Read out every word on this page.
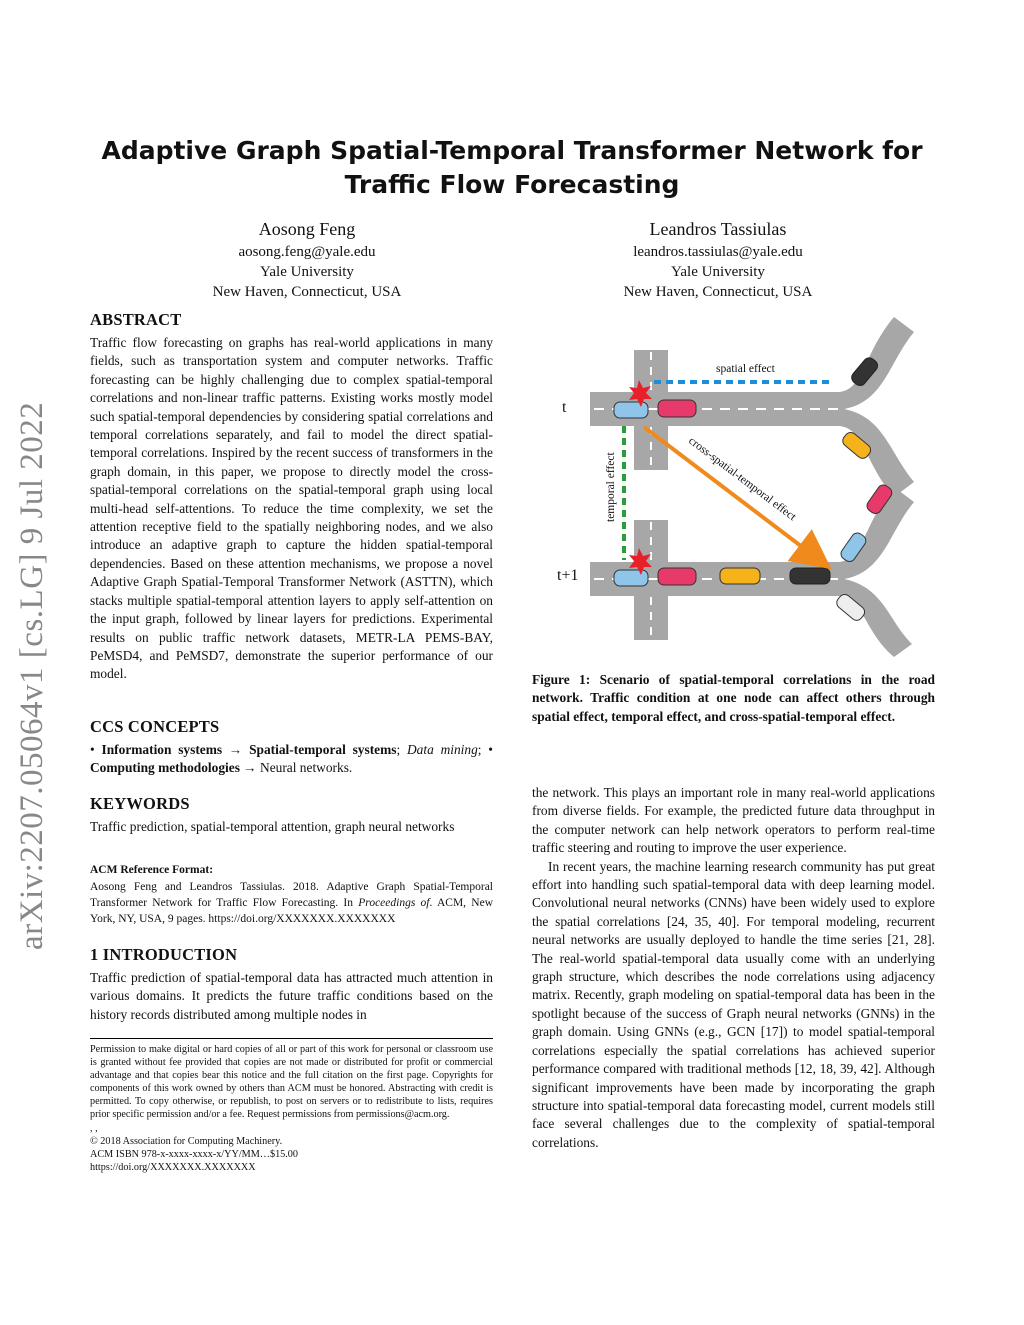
arXiv:2207.05064v1 [cs.LG] 9 Jul 2022
Adaptive Graph Spatial-Temporal Transformer Network for
Traffic Flow Forecasting
Aosong Feng
aosong.feng@yale.edu
Yale University
New Haven, Connecticut, USA
Leandros Tassiulas
leandros.tassiulas@yale.edu
Yale University
New Haven, Connecticut, USA
ABSTRACT
Traffic flow forecasting on graphs has real-world applications in many fields, such as transportation system and computer networks. Traffic forecasting can be highly challenging due to complex spatial-temporal correlations and non-linear traffic patterns. Existing works mostly model such spatial-temporal dependencies by considering spatial correlations and temporal correlations separately, and fail to model the direct spatial-temporal correlations. Inspired by the recent success of transformers in the graph domain, in this paper, we propose to directly model the cross-spatial-temporal correlations on the spatial-temporal graph using local multi-head self-attentions. To reduce the time complexity, we set the attention receptive field to the spatially neighboring nodes, and we also introduce an adaptive graph to capture the hidden spatial-temporal dependencies. Based on these attention mechanisms, we propose a novel Adaptive Graph Spatial-Temporal Transformer Network (ASTTN), which stacks multiple spatial-temporal attention layers to apply self-attention on the input graph, followed by linear layers for predictions. Experimental results on public traffic network datasets, METR-LA PEMS-BAY, PeMSD4, and PeMSD7, demonstrate the superior performance of our model.
CCS CONCEPTS
• Information systems → Spatial-temporal systems; Data mining; • Computing methodologies → Neural networks.
KEYWORDS
Traffic prediction, spatial-temporal attention, graph neural networks
ACM Reference Format:
Aosong Feng and Leandros Tassiulas. 2018. Adaptive Graph Spatial-Temporal Transformer Network for Traffic Flow Forecasting. In Proceedings of. ACM, New York, NY, USA, 9 pages. https://doi.org/XXXXXXX.XXXXXXX
1 INTRODUCTION
Traffic prediction of spatial-temporal data has attracted much attention in various domains. It predicts the future traffic conditions based on the history records distributed among multiple nodes in
Permission to make digital or hard copies of all or part of this work for personal or classroom use is granted without fee provided that copies are not made or distributed for profit or commercial advantage and that copies bear this notice and the full citation on the first page. Copyrights for components of this work owned by others than ACM must be honored. Abstracting with credit is permitted. To copy otherwise, or republish, to post on servers or to redistribute to lists, requires prior specific permission and/or a fee. Request permissions from permissions@acm.org.
, ,
© 2018 Association for Computing Machinery.
ACM ISBN 978-x-xxxx-xxxx-x/YY/MM…$15.00
https://doi.org/XXXXXXX.XXXXXXX
t
spatial effect
t+1
temporal effect	cross-spatial-temporal effect
Figure 1: Scenario of spatial-temporal correlations in the road network. Traffic condition at one node can affect others through spatial effect, temporal effect, and cross-spatial-temporal effect.

the network. This plays an important role in many real-world applications from diverse fields. For example, the predicted future data throughput in the computer network can help network operators to perform real-time traffic steering and routing to improve the user experience.

In recent years, the machine learning research community has put great effort into handling such spatial-temporal data with deep learning model. Convolutional neural networks (CNNs) have been widely used to explore the spatial correlations [24, 35, 40]. For temporal modeling, recurrent neural networks are usually deployed to handle the time series [21, 28]. The real-world spatial-temporal data usually come with an underlying graph structure, which describes the node correlations using adjacency matrix. Recently, graph modeling on spatial-temporal data has been in the spotlight because of the success of Graph neural networks (GNNs) in the graph domain. Using GNNs (e.g., GCN [17]) to model spatial-temporal correlations especially the spatial correlations has achieved superior performance compared with traditional methods [12, 18, 39, 42]. Although significant improvements have been made by incorporating the graph structure into spatial-temporal data forecasting model, current models still face several challenges due to the complexity of spatial-temporal correlations.
